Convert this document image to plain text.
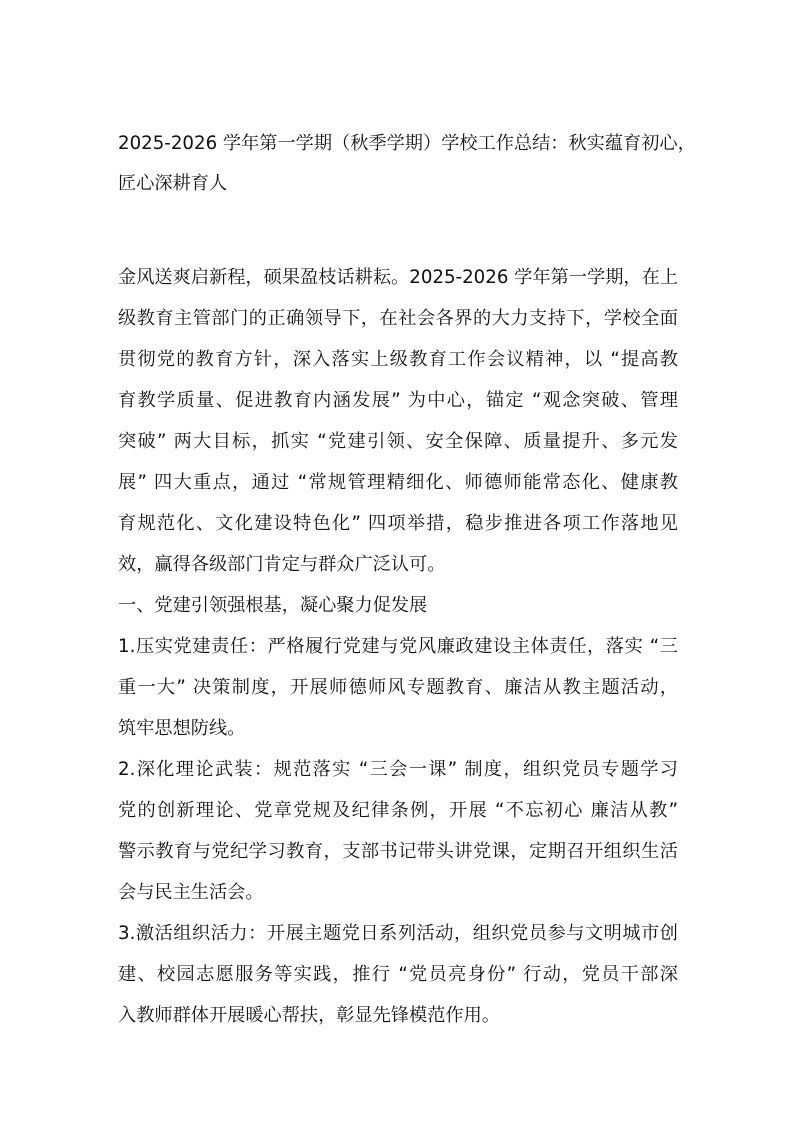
2025-2026 学年第一学期（秋季学期）学校工作总结：秋实蕴育初心，
匠心深耕育人

金风送爽启新程，硕果盈枝话耕耘。2025-2026 学年第一学期，在上
级教育主管部门的正确领导下，在社会各界的大力支持下，学校全面
贯彻党的教育方针，深入落实上级教育工作会议精神，以 “提高教
育教学质量、促进教育内涵发展” 为中心，锚定 “观念突破、管理
突破” 两大目标，抓实 “党建引领、安全保障、质量提升、多元发
展” 四大重点，通过 “常规管理精细化、师德师能常态化、健康教
育规范化、文化建设特色化” 四项举措，稳步推进各项工作落地见
效，赢得各级部门肯定与群众广泛认可。

一、党建引领强根基，凝心聚力促发展

1.压实党建责任：严格履行党建与党风廉政建设主体责任，落实 “三
重一大” 决策制度，开展师德师风专题教育、廉洁从教主题活动，
筑牢思想防线。

2.深化理论武装：规范落实 “三会一课” 制度，组织党员专题学习
党的创新理论、党章党规及纪律条例，开展 “不忘初心 廉洁从教”
警示教育与党纪学习教育，支部书记带头讲党课，定期召开组织生活
会与民主生活会。

3.激活组织活力：开展主题党日系列活动，组织党员参与文明城市创
建、校园志愿服务等实践，推行 “党员亮身份” 行动，党员干部深
入教师群体开展暖心帮扶，彰显先锋模范作用。
